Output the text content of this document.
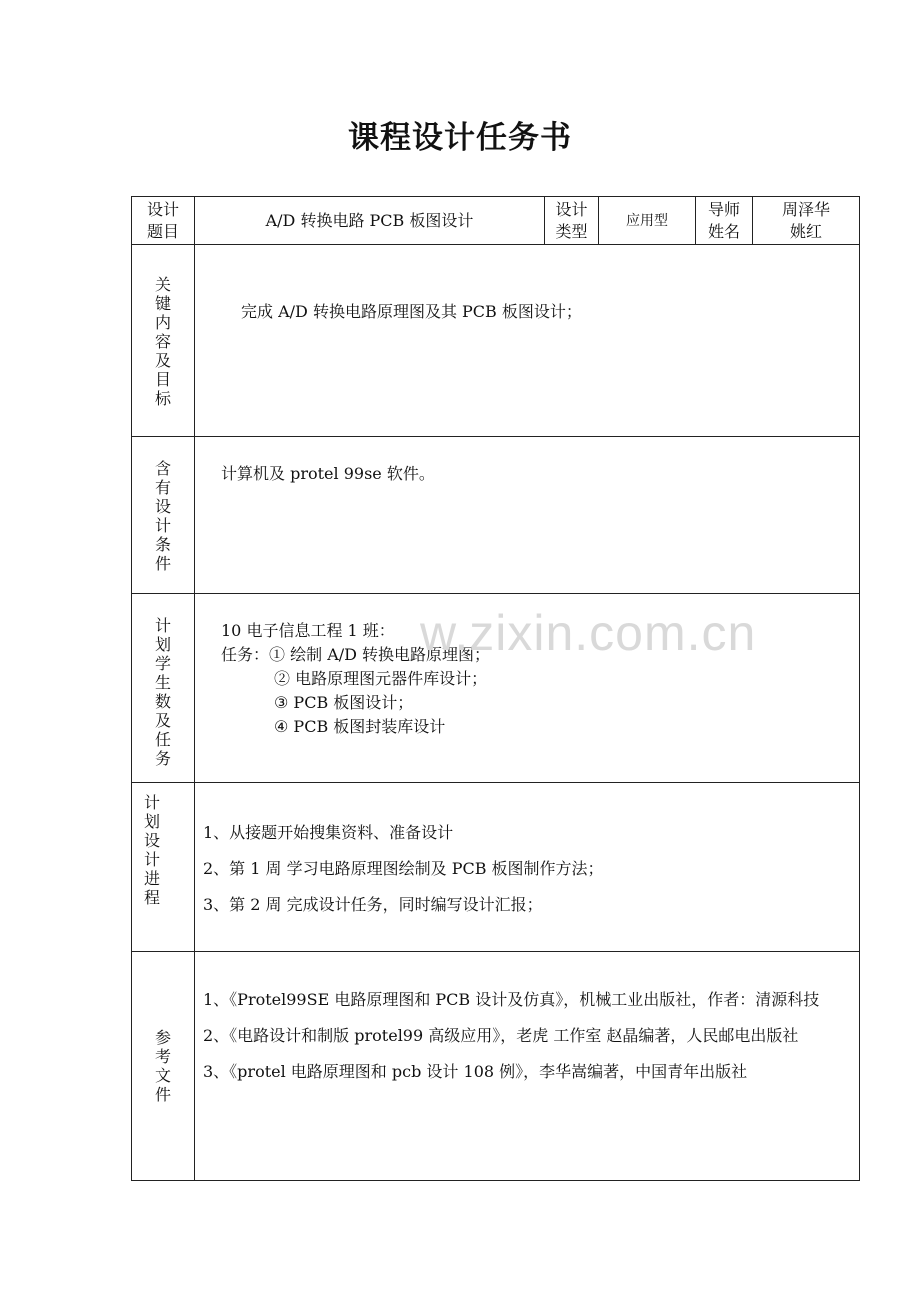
课程设计任务书
设计题目	A/D 转换电路 PCB 板图设计	设计类型	应用型	导师姓名	周泽华姚红

关键内容及目标	完成 A/D 转换电路原理图及其 PCB 板图设计；				

含有设计条件	计算机及 protel 99se 软件。				

计划学生数及任务	10 电子信息工程 1 班：

任务：① 绘制 A/D 转换电路原理图；

② 电路原理图元器件库设计；

③ PCB 板图设计；

④ PCB 板图封装库设计				

计划设计进程	1、从接题开始搜集资料、准备设计

2、第 1 周 学习电路原理图绘制及 PCB 板图制作方法；

3、第 2 周 完成设计任务，同时编写设计汇报；				

参考文件	1、《Protel99SE 电路原理图和 PCB 设计及仿真》，机械工业出版社，作者：清源科技

2、《电路设计和制版 protel99 高级应用》，老虎 工作室 赵晶编著，人民邮电出版社

3、《protel 电路原理图和 pcb 设计 108 例》，李华嵩编著，中国青年出版社				

w.zixin.com.cn
